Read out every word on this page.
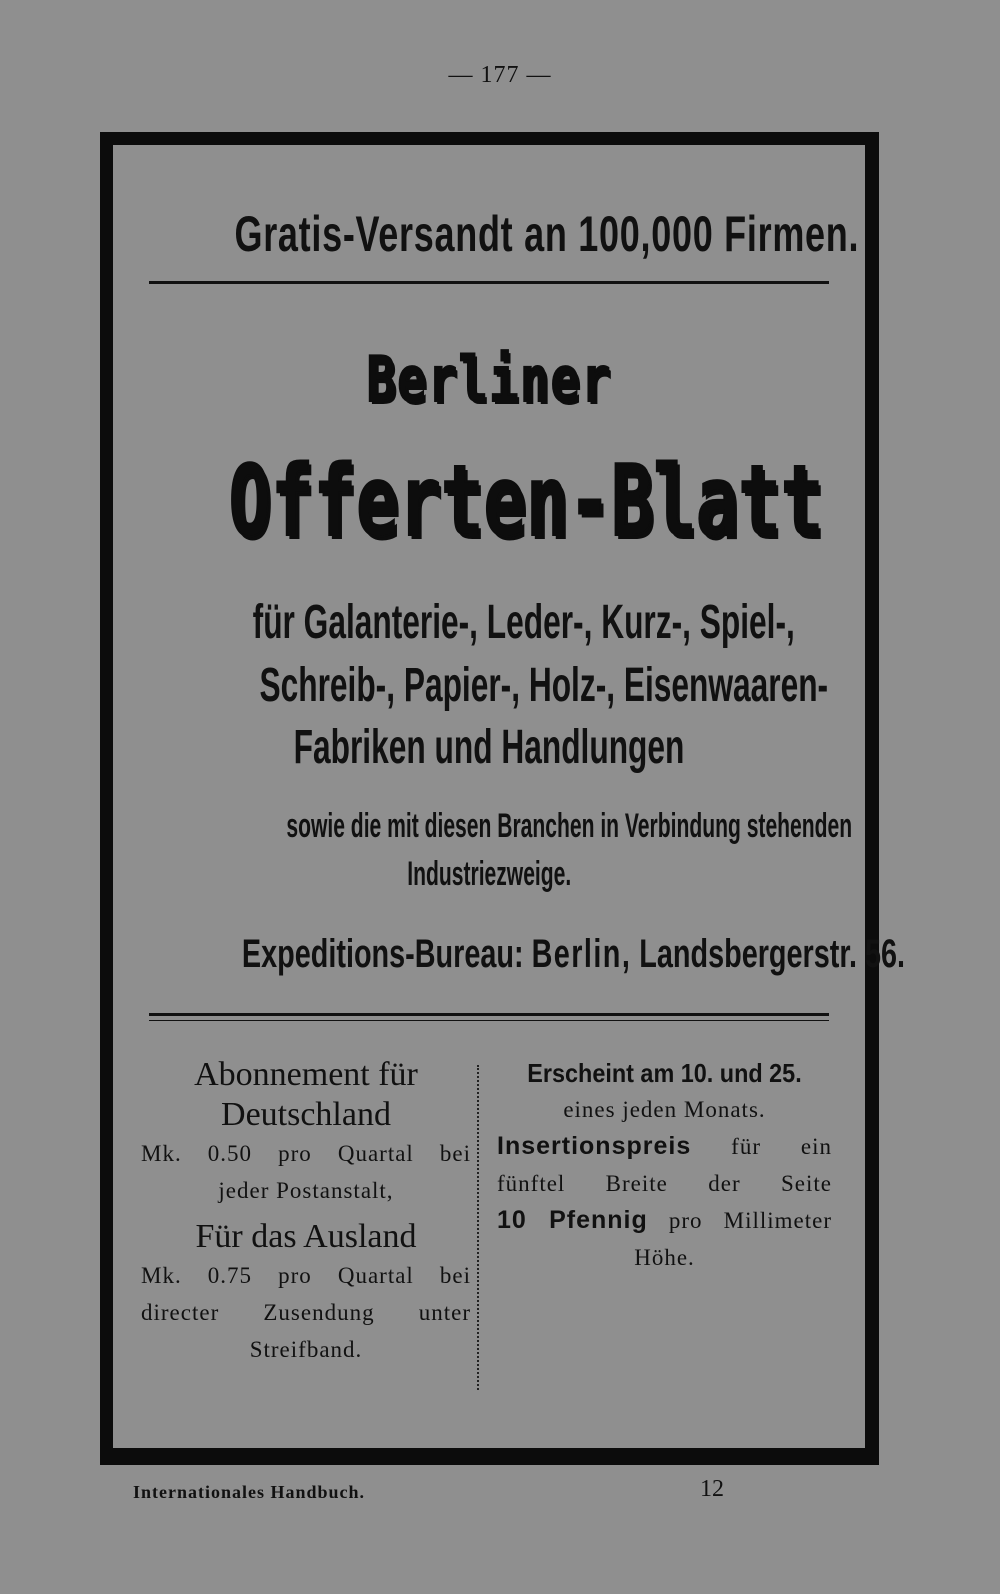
— 177 —
Gratis-Versandt an 100,000 Firmen.
Berliner
Offerten-Blatt
für Galanterie-, Leder-, Kurz-, Spiel-,
Schreib-, Papier-, Holz-, Eisenwaaren-
Fabriken und Handlungen
sowie die mit diesen Branchen in Verbindung stehenden
Industriezweige.
Expeditions-Bureau: Berlin, Landsbergerstr. 56.
Abonnement für
Deutschland
Mk. 0.50 pro Quartal bei
jeder Postanstalt,
Für das Ausland
Mk. 0.75 pro Quartal bei
directer Zusendung unter
Streifband.
Erscheint am 10. und 25.
eines jeden Monats.
Insertionspreis für ein
fünftel Breite der Seite
10 Pfennig pro Millimeter
Höhe.
Internationales Handbuch.	12
